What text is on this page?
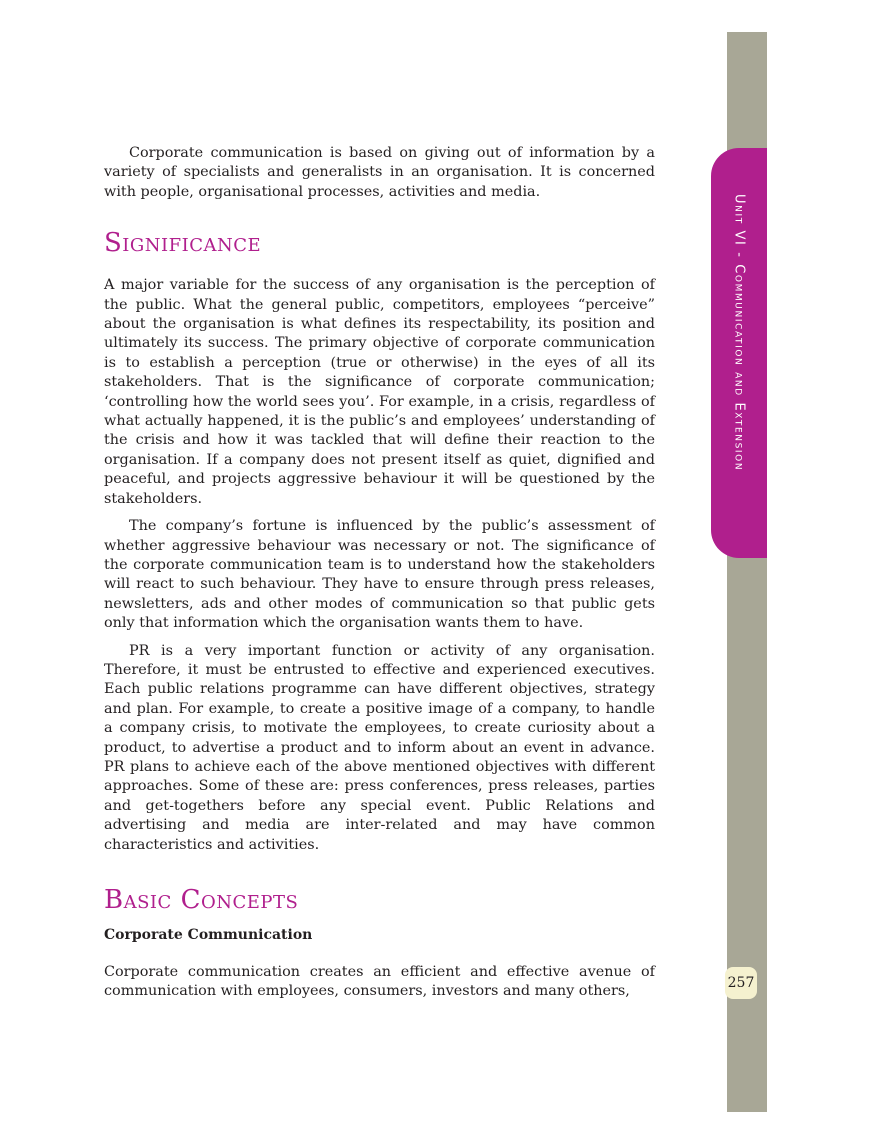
Unit VI - Communication and Extension
257

Corporate communication is based on giving out of information by a variety of specialists and generalists in an organisation. It is concerned with people, organisational processes, activities and media.

Significance

A major variable for the success of any organisation is the perception of the public. What the general public, competitors, employees “perceive” about the organisation is what defines its respectability, its position and ultimately its success. The primary objective of corporate communication is to establish a perception (true or otherwise) in the eyes of all its stakeholders. That is the significance of corporate communication; ‘controlling how the world sees you’. For example, in a crisis, regardless of what actually happened, it is the public’s and employees’ understanding of the crisis and how it was tackled that will define their reaction to the organisation. If a company does not present itself as quiet, dignified and peaceful, and projects aggressive behaviour it will be questioned by the stakeholders.

The company’s fortune is influenced by the public’s assessment of whether aggressive behaviour was necessary or not. The significance of the corporate communication team is to understand how the stakeholders will react to such behaviour. They have to ensure through press releases, newsletters, ads and other modes of communication so that public gets only that information which the organisation wants them to have.

PR is a very important function or activity of any organisation. Therefore, it must be entrusted to effective and experienced executives. Each public relations programme can have different objectives, strategy and plan. For example, to create a positive image of a company, to handle a company crisis, to motivate the employees, to create curiosity about a product, to advertise a product and to inform about an event in advance. PR plans to achieve each of the above mentioned objectives with different approaches. Some of these are: press conferences, press releases, parties and get-togethers before any special event. Public Relations and advertising and media are inter-related and may have common characteristics and activities.

Basic Concepts
Corporate Communication

Corporate communication creates an efficient and effective avenue of communication with employees, consumers, investors and many others,
